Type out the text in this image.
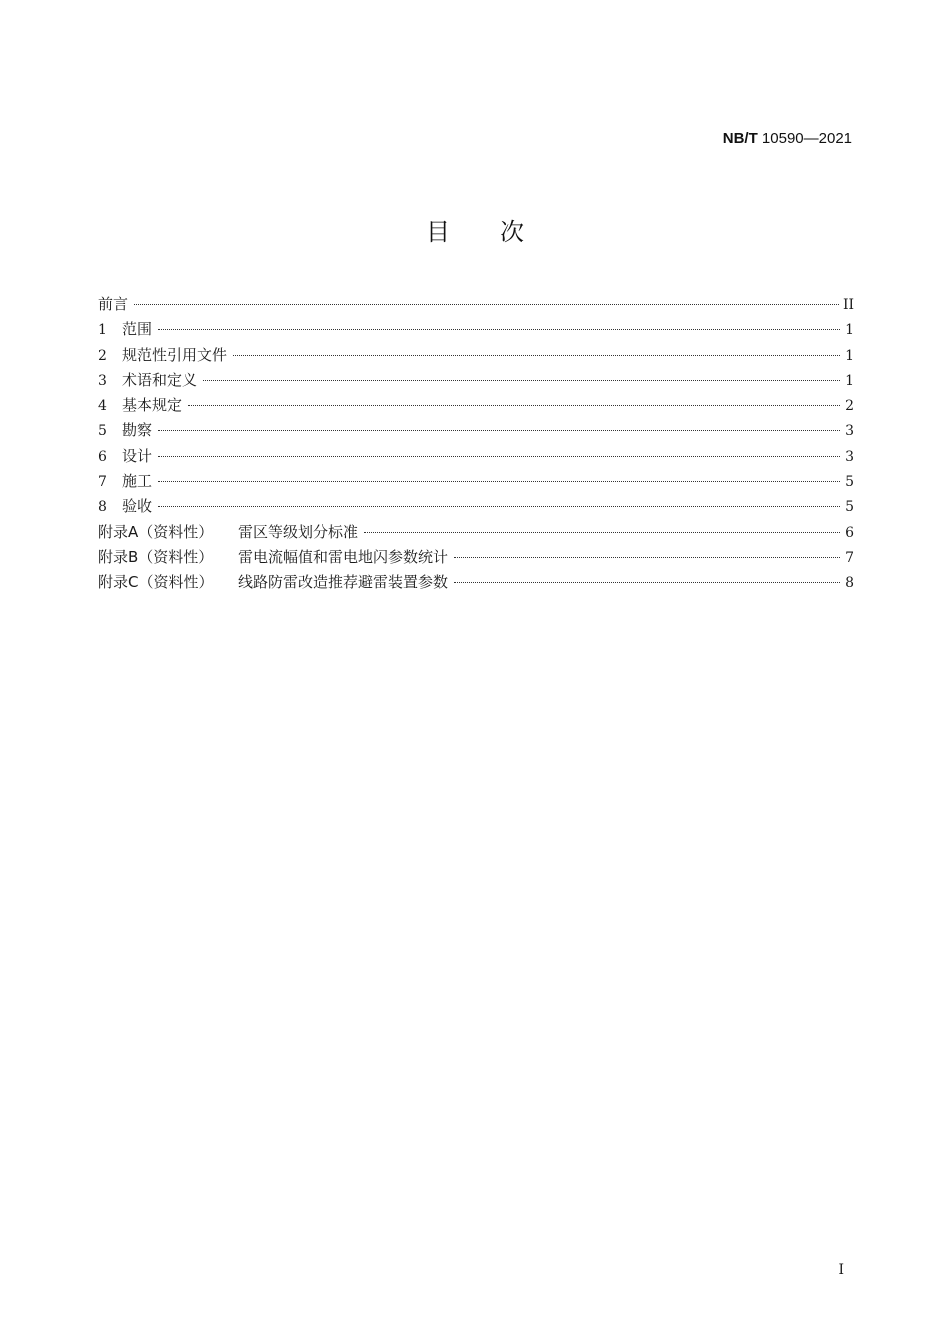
NB/T 10590—2021
目次
前言	II
1	范围	1
2	规范性引用文件	1
3	术语和定义	1
4	基本规定	2
5	勘察	3
6	设计	3
7	施工	5
8	验收	5
附录A（资料性）	雷区等级划分标准	6
附录B（资料性）	雷电流幅值和雷电地闪参数统计	7
附录C（资料性）	线路防雷改造推荐避雷装置参数	8
I
